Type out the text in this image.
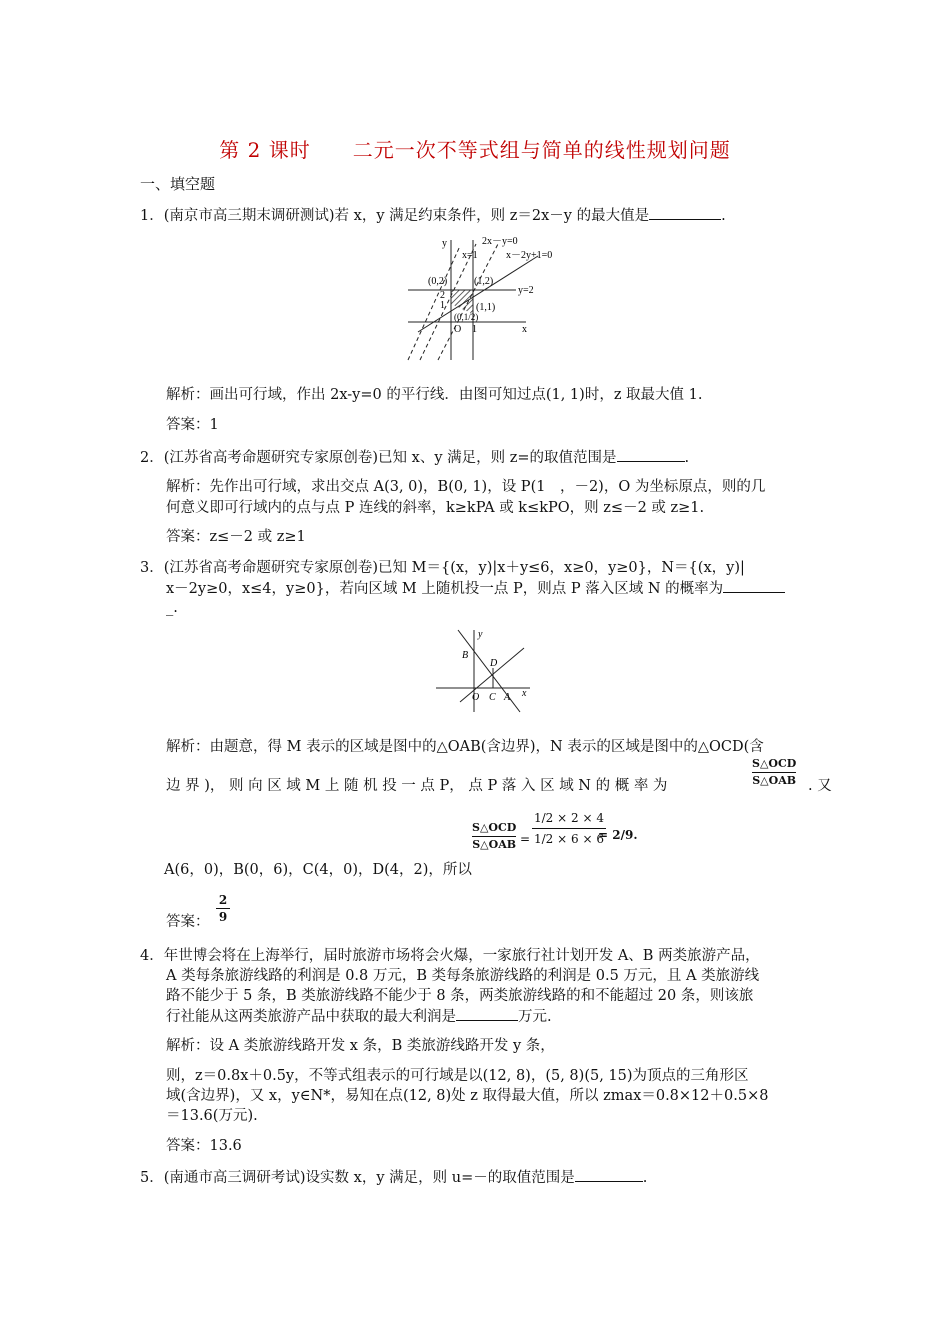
第 2 课时　　二元一次不等式组与简单的线性规划问题
一、填空题
1．(南京市高三期末调研测试)若 x，y 满足约束条件，则 z＝2x－y 的最大值是	.
y	2x－y=0
x=1	x－2y+1=0
(0,2)	(1,2)
y=2
2
1	(1,1)
(0,1/2)
O 1	x
解析：画出可行域，作出 2x-y=0 的平行线．由图可知过点(1, 1)时，z 取最大值 1.
答案：1
2．(江苏省高考命题研究专家原创卷)已知 x、y 满足，则 z=的取值范围是	.
解析：先作出可行域，求出交点 A(3, 0)，B(0, 1)，设 P(1　，－2)，O 为坐标原点，则的几
何意义即可行域内的点与点 P 连线的斜率，k≥kPA 或 k≤kPO，则 z≤－2 或 z≥1.
答案：z≤－2 或 z≥1
3．(江苏省高考命题研究专家原创卷)已知 M＝{(x，y)|x＋y≤6，x≥0，y≥0}，N＝{(x，y)|
x－2y≥0，x≤4，y≥0}，若向区域 M 上随机投一点 P，则点 P 落入区域 N 的概率为
_.
y
B
D
O C A x
解析：由题意，得 M 表示的区域是图中的△OAB(含边界)，N 表示的区域是图中的△OCD(含
边 界 )， 则 向 区 域 M 上 随 机 投 一 点 P， 点 P 落 入 区 域 N 的 概 率 为
S△OCD
S△OAB . 又
S△OCD
S△OAB =
1/2 × 2 × 4
1/2 × 6 × 6
= 2/9.
A(6，0)，B(0，6)，C(4，0)，D(4，2)，所以
答案： $\frac{2}{9}$
4．年世博会将在上海举行，届时旅游市场将会火爆，一家旅行社计划开发 A、B 两类旅游产品，
A 类每条旅游线路的利润是 0.8 万元，B 类每条旅游线路的利润是 0.5 万元，且 A 类旅游线
路不能少于 5 条，B 类旅游线路不能少于 8 条，两类旅游线路的和不能超过 20 条，则该旅
行社能从这两类旅游产品中获取的最大利润是	万元.
解析：设 A 类旅游线路开发 x 条，B 类旅游线路开发 y 条，
则，z＝0.8x＋0.5y，不等式组表示的可行域是以(12, 8)，(5, 8)(5, 15)为顶点的三角形区
域(含边界)，又 x，y∈N*，易知在点(12, 8)处 z 取得最大值，所以 zmax＝0.8×12＋0.5×8
＝13.6(万元).
答案：13.6
5．(南通市高三调研考试)设实数 x，y 满足，则 u=－的取值范围是	.
